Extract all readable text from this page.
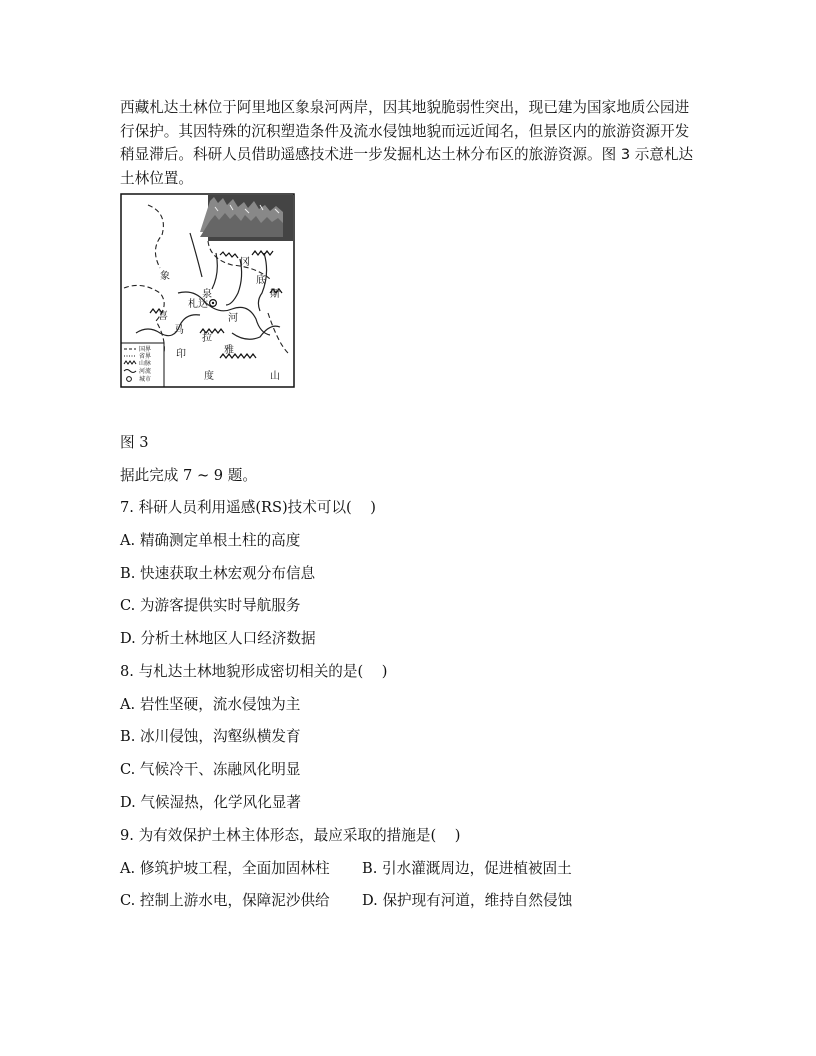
西藏札达土林位于阿里地区象泉河两岸，因其地貌脆弱性突出，现已建为国家地质公园进行保护。其因特殊的沉积塑造条件及流水侵蚀地貌而远近闻名，但景区内的旅游资源开发稍显滞后。科研人员借助遥感技术进一步发掘札达土林分布区的旅游资源。图 3 示意札达土林位置。

象
泉
河
札达
喜
马
拉
雅
山
冈
底
斯
印
度
国界
省界
山脉
河流
城市

图 3

据此完成 7 ~ 9 题。

7. 科研人员利用遥感(RS)技术可以(    )

A. 精确测定单根土柱的高度

B. 快速获取土林宏观分布信息

C. 为游客提供实时导航服务

D. 分析土林地区人口经济数据

8. 与札达土林地貌形成密切相关的是(    )

A. 岩性坚硬，流水侵蚀为主

B. 冰川侵蚀，沟壑纵横发育

C. 气候冷干、冻融风化明显

D. 气候湿热，化学风化显著

9. 为有效保护土林主体形态，最应采取的措施是(    )

A. 修筑护坡工程，全面加固林柱 B. 引水灌溉周边，促进植被固土
C. 控制上游水电，保障泥沙供给 D. 保护现有河道，维持自然侵蚀
